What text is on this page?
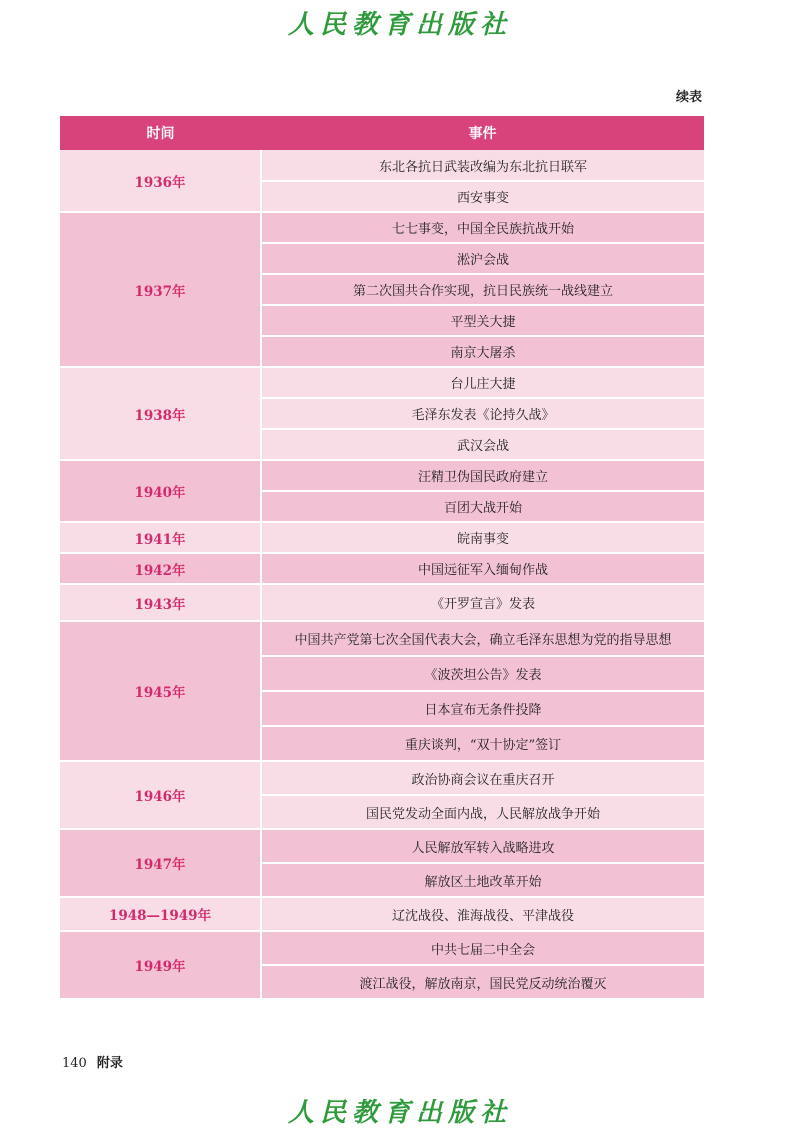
人民教育出版社
续表
时间	事件
1936年	东北各抗日武装改编为东北抗日联军
	西安事变
1937年	七七事变，中国全民族抗战开始
	淞沪会战
	第二次国共合作实现，抗日民族统一战线建立
	平型关大捷
	南京大屠杀
1938年	台儿庄大捷
	毛泽东发表《论持久战》
	武汉会战
1940年	汪精卫伪国民政府建立
	百团大战开始
1941年	皖南事变
1942年	中国远征军入缅甸作战
1943年	《开罗宣言》发表
1945年	中国共产党第七次全国代表大会，确立毛泽东思想为党的指导思想
	《波茨坦公告》发表
	日本宣布无条件投降
	重庆谈判，“双十协定”签订
1946年	政治协商会议在重庆召开
	国民党发动全面内战，人民解放战争开始
1947年	人民解放军转入战略进攻
	解放区土地改革开始
1948—1949年	辽沈战役、淮海战役、平津战役
1949年	中共七届二中全会
	渡江战役，解放南京，国民党反动统治覆灭
140 附录
人民教育出版社
